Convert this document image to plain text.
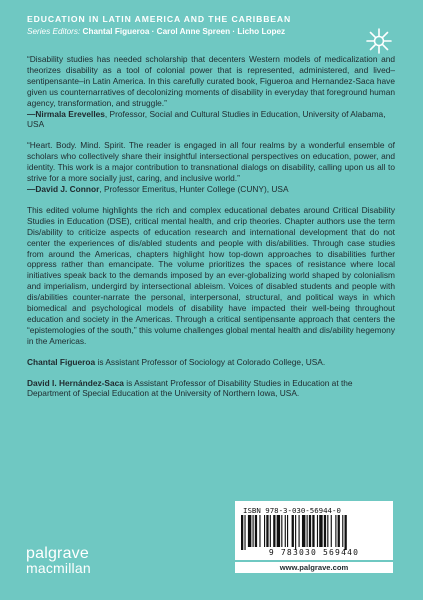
EDUCATION IN LATIN AMERICA AND THE CARIBBEAN
Series Editors: Chantal Figueroa · Carol Anne Spreen · Licho Lopez

“Disability studies has needed scholarship that decenters Western models of medicalization and theorizes disability as a tool of colonial power that is represented, administered, and lived–sentipensante–in Latin America. In this carefully curated book, Figueroa and Hernandez-Saca have given us counternarratives of decolonizing moments of disability in everyday that foreground human agency, transformation, and struggle.”

—Nirmala Erevelles, Professor, Social and Cultural Studies in Education, University of Alabama, USA

“Heart. Body. Mind. Spirit. The reader is engaged in all four realms by a wonderful ensemble of scholars who collectively share their insightful intersectional perspectives on education, power, and identity. This work is a major contribution to transnational dialogs on disability, calling upon us all to strive for a more socially just, caring, and inclusive world.”

—David J. Connor, Professor Emeritus, Hunter College (CUNY), USA

This edited volume highlights the rich and complex educational debates around Critical Disability Studies in Education (DSE), critical mental health, and crip theories. Chapter authors use the term Dis/ability to criticize aspects of education research and international development that do not center the experiences of dis/abled students and people with dis/abilities. Through case studies from around the Americas, chapters highlight how top-down approaches to disabilities further oppress rather than emancipate. The volume prioritizes the spaces of resistance where local initiatives speak back to the demands imposed by an ever-globalizing world shaped by colonialism and imperialism, undergird by intersectional ableism. Voices of disabled students and people with dis/abilities counter-narrate the personal, interpersonal, structural, and political ways in which biomedical and psychological models of disability have impacted their well-being throughout education and society in the Americas. Through a critical sentipensante approach that centers the “epistemologies of the south,” this volume challenges global mental health and dis/ability hegemony in the Americas.

Chantal Figueroa is Assistant Professor of Sociology at Colorado College, USA.

David I. Hernández-Saca is Assistant Professor of Disability Studies in Education at the Department of Special Education at the University of Northern Iowa, USA.

ISBN 978-3-030-56944-0
9 783030 569440
www.palgrave.com
palgrave
macmillan
